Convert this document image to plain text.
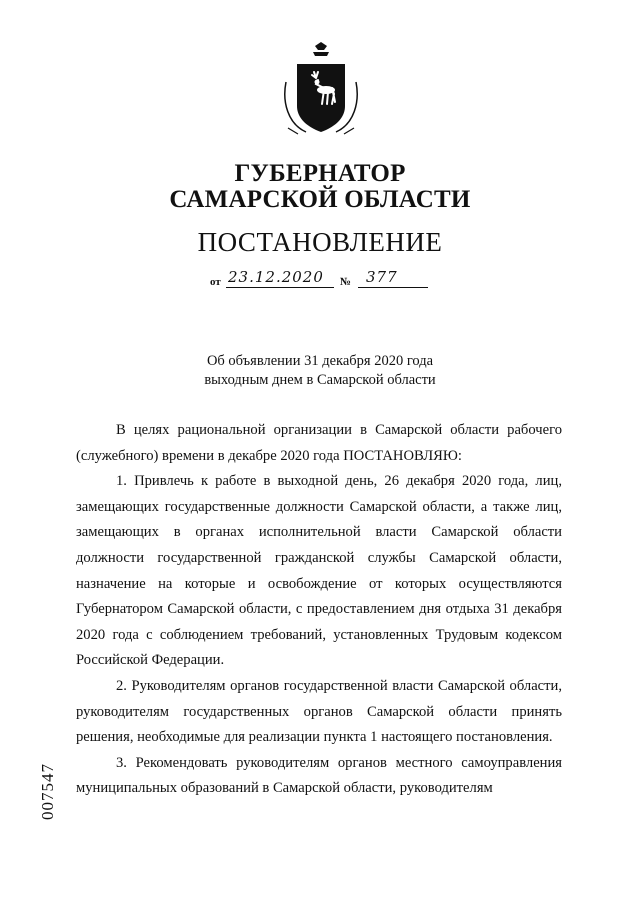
ГУБЕРНАТОР
САМАРСКОЙ ОБЛАСТИ
ПОСТАНОВЛЕНИЕ
от 23.12.2020 № 377
Об объявлении 31 декабря 2020 года
выходным днем в Самарской области

В целях рациональной организации в Самарской области рабочего (служебного) времени в декабре 2020 года ПОСТАНОВЛЯЮ:

1. Привлечь к работе в выходной день, 26 декабря 2020 года, лиц, замещающих государственные должности Самарской области, а также лиц, замещающих в органах исполнительной власти Самарской области должности государственной гражданской службы Самарской области, назначение на которые и освобождение от которых осуществляются Губернатором Самарской области, с предоставлением дня отдыха 31 декабря 2020 года с соблюдением требований, установленных Трудовым кодексом Российской Федерации.

2. Руководителям органов государственной власти Самарской области, руководителям государственных органов Самарской области принять решения, необходимые для реализации пункта 1 настоящего постановления.

3. Рекомендовать руководителям органов местного самоуправления муниципальных образований в Самарской области, руководителям

007547
